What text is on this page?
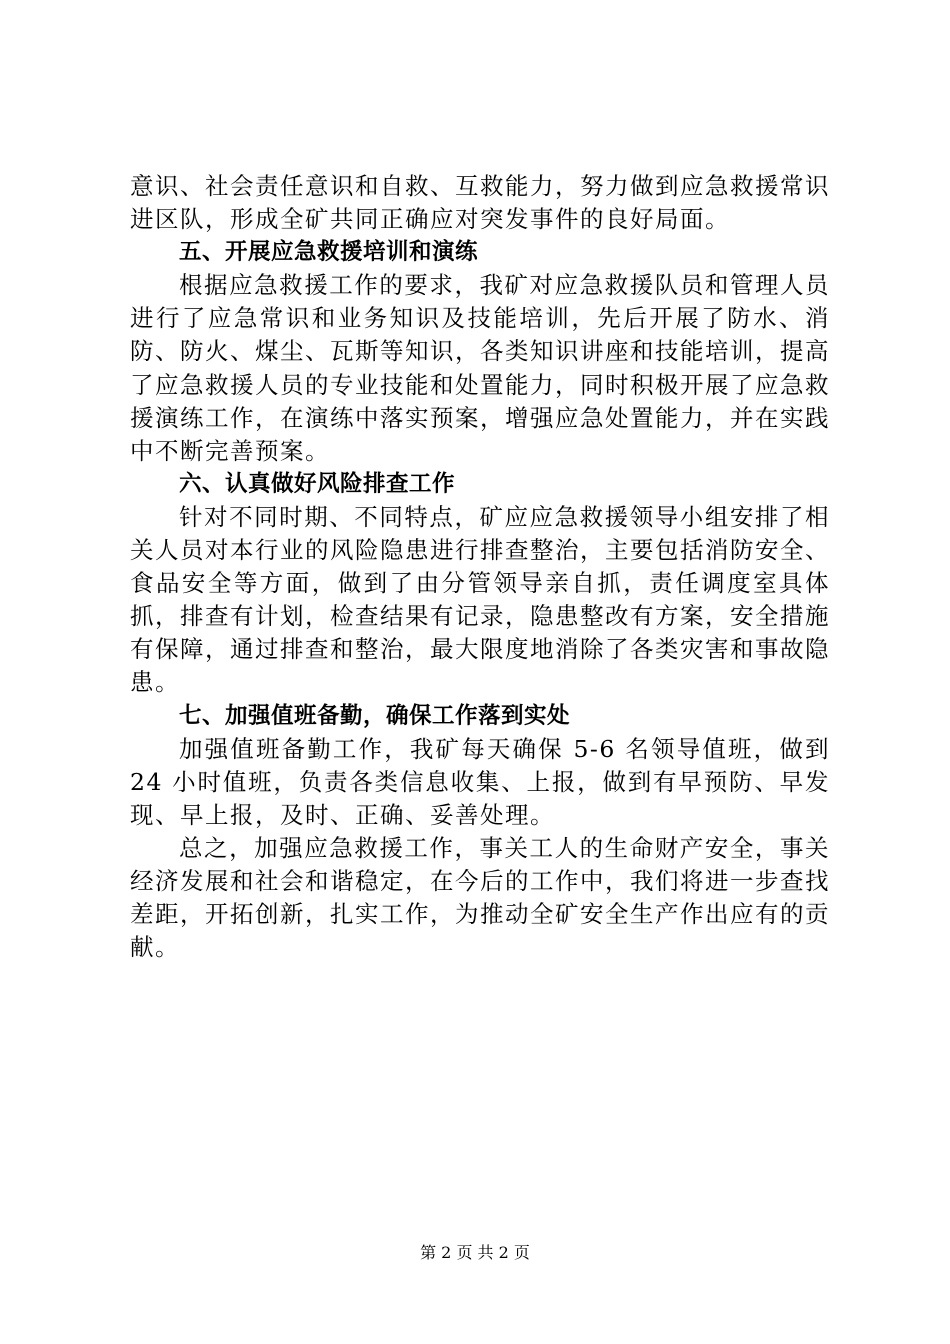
意识、社会责任意识和自救、互救能力，努力做到应急救援常识进区队，形成全矿共同正确应对突发事件的良好局面。

五、开展应急救援培训和演练

根据应急救援工作的要求，我矿对应急救援队员和管理人员进行了应急常识和业务知识及技能培训，先后开展了防水、消防、防火、煤尘、瓦斯等知识，各类知识讲座和技能培训，提高了应急救援人员的专业技能和处置能力，同时积极开展了应急救援演练工作，在演练中落实预案，增强应急处置能力，并在实践中不断完善预案。

六、认真做好风险排查工作

针对不同时期、不同特点，矿应应急救援领导小组安排了相关人员对本行业的风险隐患进行排查整治，主要包括消防安全、食品安全等方面，做到了由分管领导亲自抓，责任调度室具体抓，排查有计划，检查结果有记录，隐患整改有方案，安全措施有保障，通过排查和整治，最大限度地消除了各类灾害和事故隐患。

七、加强值班备勤，确保工作落到实处

加强值班备勤工作，我矿每天确保 5-6 名领导值班，做到24 小时值班，负责各类信息收集、上报，做到有早预防、早发现、早上报，及时、正确、妥善处理。

总之，加强应急救援工作，事关工人的生命财产安全，事关经济发展和社会和谐稳定，在今后的工作中，我们将进一步查找差距，开拓创新，扎实工作，为推动全矿安全生产作出应有的贡献。

第 2 页 共 2 页
